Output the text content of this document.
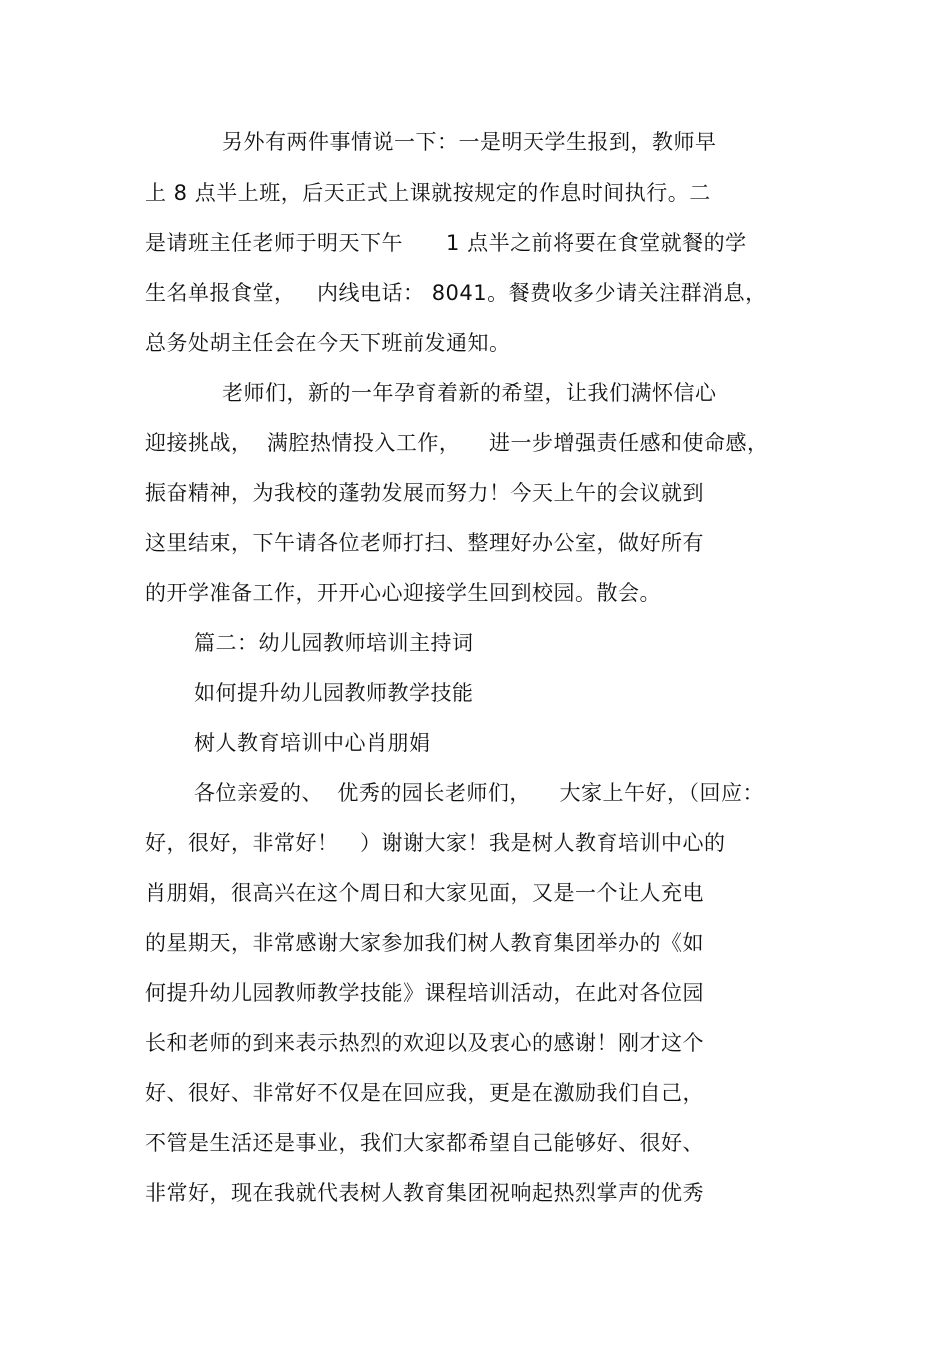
另外有两件事情说一下：一是明天学生报到，教师早
上 8 点半上班，后天正式上课就按规定的作息时间执行。二
是请班主任老师于明天下午      1 点半之前将要在食堂就餐的学
生名单报食堂，   内线电话： 8041。餐费收多少请关注群消息，
总务处胡主任会在今天下班前发通知。
老师们，新的一年孕育着新的希望，让我们满怀信心
迎接挑战，  满腔热情投入工作，    进一步增强责任感和使命感，
振奋精神，为我校的蓬勃发展而努力！今天上午的会议就到
这里结束，下午请各位老师打扫、整理好办公室，做好所有
的开学准备工作，开开心心迎接学生回到校园。散会。
篇二：幼儿园教师培训主持词
如何提升幼儿园教师教学技能
树人教育培训中心肖朋娟
各位亲爱的、  优秀的园长老师们，    大家上午好，（回应：
好，很好，非常好！   ）谢谢大家！我是树人教育培训中心的
肖朋娟，很高兴在这个周日和大家见面，又是一个让人充电
的星期天，非常感谢大家参加我们树人教育集团举办的《如
何提升幼儿园教师教学技能》课程培训活动，在此对各位园
长和老师的到来表示热烈的欢迎以及衷心的感谢！刚才这个
好、很好、非常好不仅是在回应我，更是在激励我们自己，
不管是生活还是事业，我们大家都希望自己能够好、很好、
非常好，现在我就代表树人教育集团祝响起热烈掌声的优秀
